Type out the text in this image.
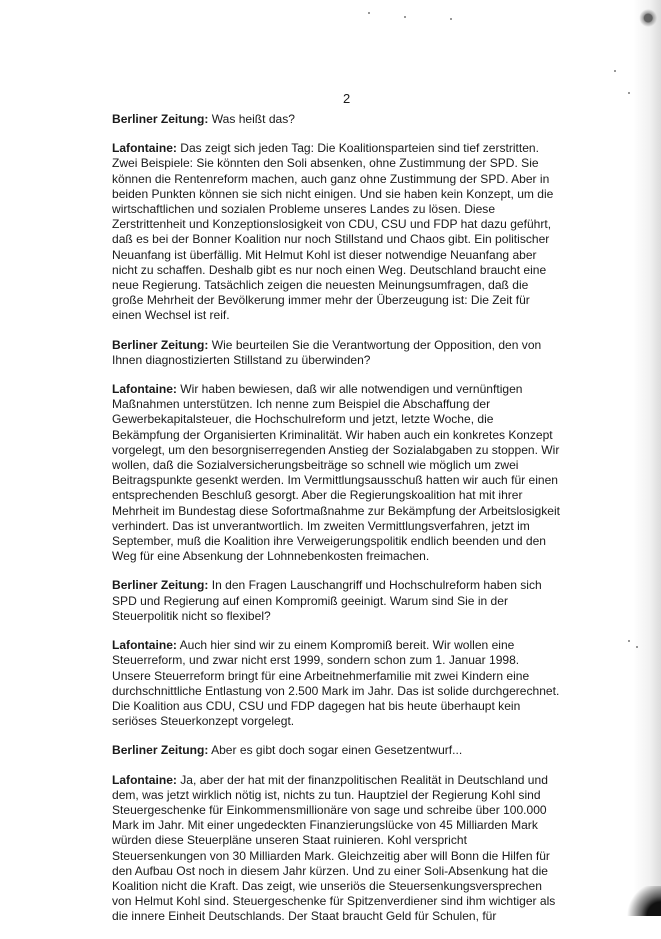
2
Berliner Zeitung: Was heißt das?
Lafontaine: Das zeigt sich jeden Tag: Die Koalitionsparteien sind tief zerstritten.
Zwei Beispiele: Sie könnten den Soli absenken, ohne Zustimmung der SPD. Sie
können die Rentenreform machen, auch ganz ohne Zustimmung der SPD. Aber in
beiden Punkten können sie sich nicht einigen. Und sie haben kein Konzept, um die
wirtschaftlichen und sozialen Probleme unseres Landes zu lösen. Diese
Zerstrittenheit und Konzeptionslosigkeit von CDU, CSU und FDP hat dazu geführt,
daß es bei der Bonner Koalition nur noch Stillstand und Chaos gibt. Ein politischer
Neuanfang ist überfällig. Mit Helmut Kohl ist dieser notwendige Neuanfang aber
nicht zu schaffen. Deshalb gibt es nur noch einen Weg. Deutschland braucht eine
neue Regierung. Tatsächlich zeigen die neuesten Meinungsumfragen, daß die
große Mehrheit der Bevölkerung immer mehr der Überzeugung ist: Die Zeit für
einen Wechsel ist reif.
Berliner Zeitung: Wie beurteilen Sie die Verantwortung der Opposition, den von
Ihnen diagnostizierten Stillstand zu überwinden?
Lafontaine: Wir haben bewiesen, daß wir alle notwendigen und vernünftigen
Maßnahmen unterstützen. Ich nenne zum Beispiel die Abschaffung der
Gewerbekapitalsteuer, die Hochschulreform und jetzt, letzte Woche, die
Bekämpfung der Organisierten Kriminalität. Wir haben auch ein konkretes Konzept
vorgelegt, um den besorgniserregenden Anstieg der Sozialabgaben zu stoppen. Wir
wollen, daß die Sozialversicherungsbeiträge so schnell wie möglich um zwei
Beitragspunkte gesenkt werden. Im Vermittlungsausschuß hatten wir auch für einen
entsprechenden Beschluß gesorgt. Aber die Regierungskoalition hat mit ihrer
Mehrheit im Bundestag diese Sofortmaßnahme zur Bekämpfung der Arbeitslosigkeit
verhindert. Das ist unverantwortlich. Im zweiten Vermittlungsverfahren, jetzt im
September, muß die Koalition ihre Verweigerungspolitik endlich beenden und den
Weg für eine Absenkung der Lohnnebenkosten freimachen.
Berliner Zeitung: In den Fragen Lauschangriff und Hochschulreform haben sich
SPD und Regierung auf einen Kompromiß geeinigt. Warum sind Sie in der
Steuerpolitik nicht so flexibel?
Lafontaine: Auch hier sind wir zu einem Kompromiß bereit. Wir wollen eine
Steuerreform, und zwar nicht erst 1999, sondern schon zum 1. Januar 1998.
Unsere Steuerreform bringt für eine Arbeitnehmerfamilie mit zwei Kindern eine
durchschnittliche Entlastung von 2.500 Mark im Jahr. Das ist solide durchgerechnet.
Die Koalition aus CDU, CSU und FDP dagegen hat bis heute überhaupt kein
seriöses Steuerkonzept vorgelegt.
Berliner Zeitung: Aber es gibt doch sogar einen Gesetzentwurf...
Lafontaine: Ja, aber der hat mit der finanzpolitischen Realität in Deutschland und
dem, was jetzt wirklich nötig ist, nichts zu tun. Hauptziel der Regierung Kohl sind
Steuergeschenke für Einkommensmillionäre von sage und schreibe über 100.000
Mark im Jahr. Mit einer ungedeckten Finanzierungslücke von 45 Milliarden Mark
würden diese Steuerpläne unseren Staat ruinieren. Kohl verspricht
Steuersenkungen von 30 Milliarden Mark. Gleichzeitig aber will Bonn die Hilfen für
den Aufbau Ost noch in diesem Jahr kürzen. Und zu einer Soli-Absenkung hat die
Koalition nicht die Kraft. Das zeigt, wie unseriös die Steuersenkungsversprechen
von Helmut Kohl sind. Steuergeschenke für Spitzenverdiener sind ihm wichtiger als
die innere Einheit Deutschlands. Der Staat braucht Geld für Schulen, für
